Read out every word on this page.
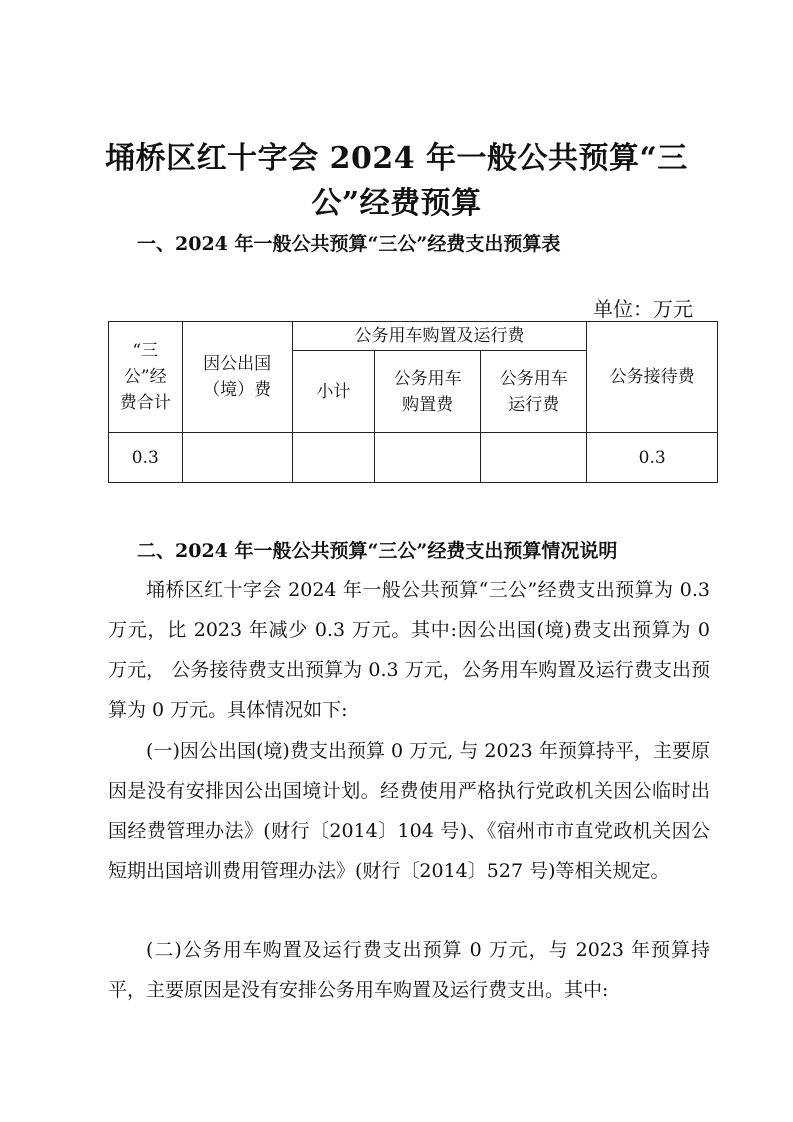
埇桥区红十字会 2024 年一般公共预算“三公”经费预算
一、2024 年一般公共预算“三公”经费支出预算表
单位：万元
“三公”经费合计	因公出国（境）费	公务用车购置及运行费			公务接待费
		小计	公务用车购置费	公务用车运行费	
0.3					0.3
二、2024 年一般公共预算“三公”经费支出预算情况说明

埇桥区红十字会 2024 年一般公共预算“三公”经费支出预算为 0.3 万元，比 2023 年减少 0.3 万元。其中:因公出国(境)费支出预算为 0 万元， 公务接待费支出预算为 0.3 万元，公务用车购置及运行费支出预算为 0 万元。具体情况如下:

(一)因公出国(境)费支出预算 0 万元, 与 2023 年预算持平，主要原因是没有安排因公出国境计划。经费使用严格执行党政机关因公临时出国经费管理办法》(财行〔2014〕104 号)、《宿州市市直党政机关因公短期出国培训费用管理办法》(财行〔2014〕527 号)等相关规定。

(二)公务用车购置及运行费支出预算 0 万元，与 2023 年预算持平，主要原因是没有安排公务用车购置及运行费支出。其中:
